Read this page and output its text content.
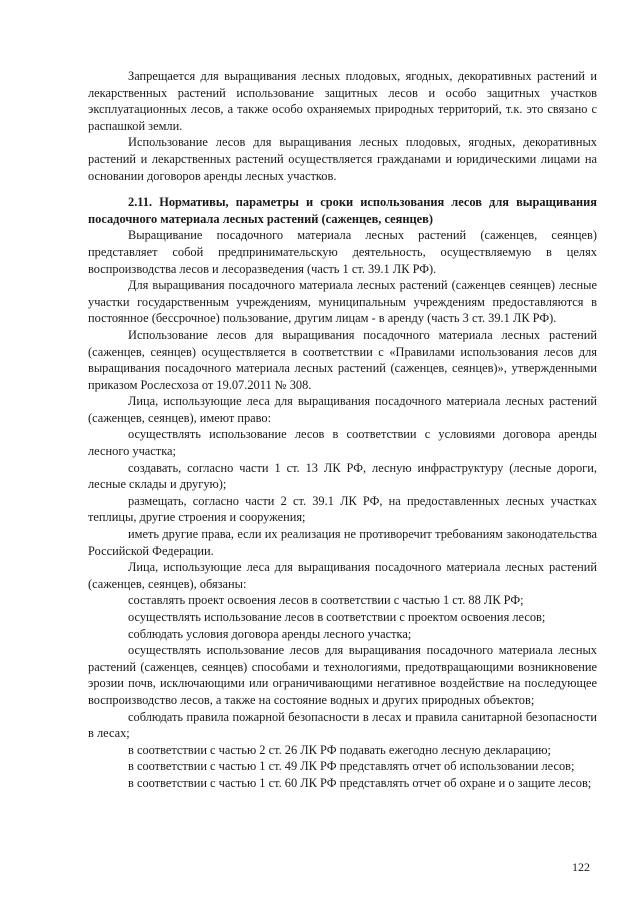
Запрещается для выращивания лесных плодовых, ягодных, декоративных растений и лекарственных растений использование защитных лесов и особо защитных участков эксплуатационных лесов, а также особо охраняемых природных территорий, т.к. это связано с распашкой земли.

Использование лесов для выращивания лесных плодовых, ягодных, декоративных растений и лекарственных растений осуществляется гражданами и юридическими лицами на основании договоров аренды лесных участков.

2.11. Нормативы, параметры и сроки использования лесов для выращивания посадочного материала лесных растений (саженцев, сеянцев)

Выращивание посадочного материала лесных растений (саженцев, сеянцев) представляет собой предпринимательскую деятельность, осуществляемую в целях воспроизводства лесов и лесоразведения (часть 1 ст. 39.1 ЛК РФ).

Для выращивания посадочного материала лесных растений (саженцев сеянцев) лесные участки государственным учреждениям, муниципальным учреждениям предоставляются в постоянное (бессрочное) пользование, другим лицам - в аренду (часть 3 ст. 39.1 ЛК РФ).

Использование лесов для выращивания посадочного материала лесных растений (саженцев, сеянцев) осуществляется в соответствии с «Правилами использования лесов для выращивания посадочного материала лесных растений (саженцев, сеянцев)», утвержденными приказом Рослесхоза от 19.07.2011 № 308.

Лица, использующие леса для выращивания посадочного материала лесных растений (саженцев, сеянцев), имеют право:

осуществлять использование лесов в соответствии с условиями договора аренды лесного участка;

создавать, согласно части 1 ст. 13 ЛК РФ, лесную инфраструктуру (лесные дороги, лесные склады и другую);

размещать, согласно части 2 ст. 39.1 ЛК РФ, на предоставленных лесных участках теплицы, другие строения и сооружения;

иметь другие права, если их реализация не противоречит требованиям законодательства Российской Федерации.

Лица, использующие леса для выращивания посадочного материала лесных растений (саженцев, сеянцев), обязаны:

составлять проект освоения лесов в соответствии с частью 1 ст. 88 ЛК РФ;

осуществлять использование лесов в соответствии с проектом освоения лесов;

соблюдать условия договора аренды лесного участка;

осуществлять использование лесов для выращивания посадочного материала лесных растений (саженцев, сеянцев) способами и технологиями, предотвращающими возникновение эрозии почв, исключающими или ограничивающими негативное воздействие на последующее воспроизводство лесов, а также на состояние водных и других природных объектов;

соблюдать правила пожарной безопасности в лесах и правила санитарной безопасности в лесах;

в соответствии с частью 2 ст. 26 ЛК РФ подавать ежегодно лесную декларацию;

в соответствии с частью 1 ст. 49 ЛК РФ представлять отчет об использовании лесов;

в соответствии с частью 1 ст. 60 ЛК РФ представлять отчет об охране и о защите лесов;

122
